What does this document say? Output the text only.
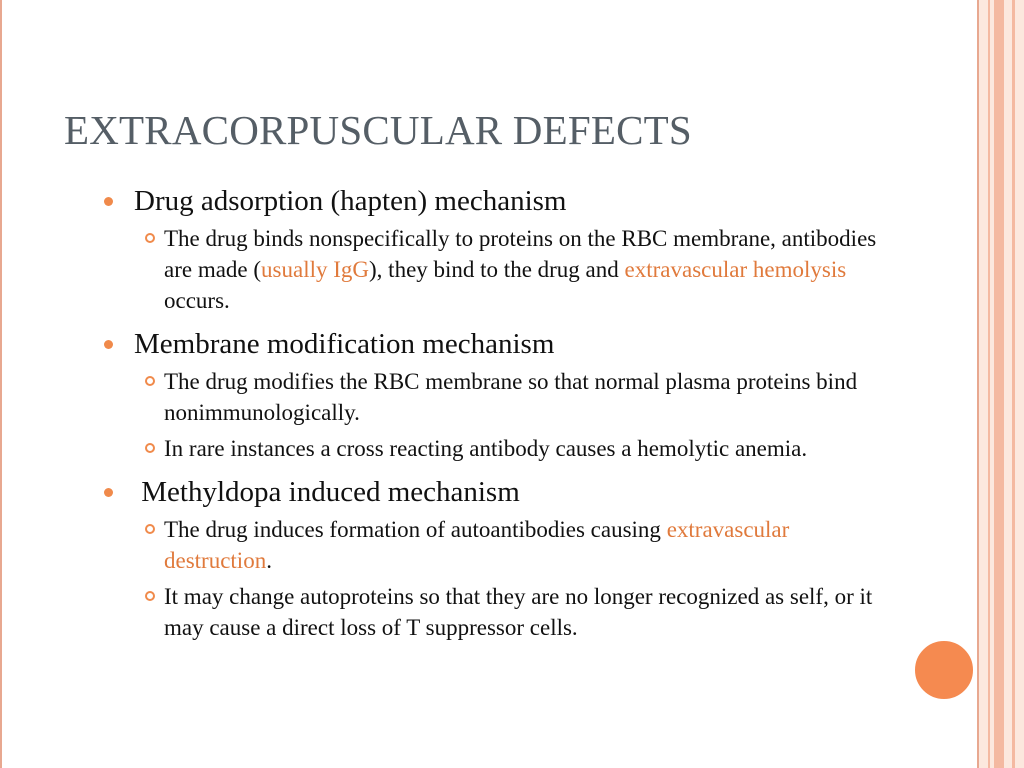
EXTRACORPUSCULAR DEFECTS

Drug adsorption (hapten) mechanism

The drug binds nonspecifically to proteins on the RBC membrane, antibodies are made (usually IgG), they bind to the drug and extravascular hemolysis occurs.

Membrane modification mechanism

The drug modifies the RBC membrane so that normal plasma proteins bind nonimmunologically.

In rare instances a cross reacting antibody causes a hemolytic anemia.

Methyldopa induced mechanism

The drug induces formation of autoantibodies causing extravascular destruction.

It may change autoproteins so that they are no longer recognized as self, or it may cause a direct loss of T suppressor cells.
